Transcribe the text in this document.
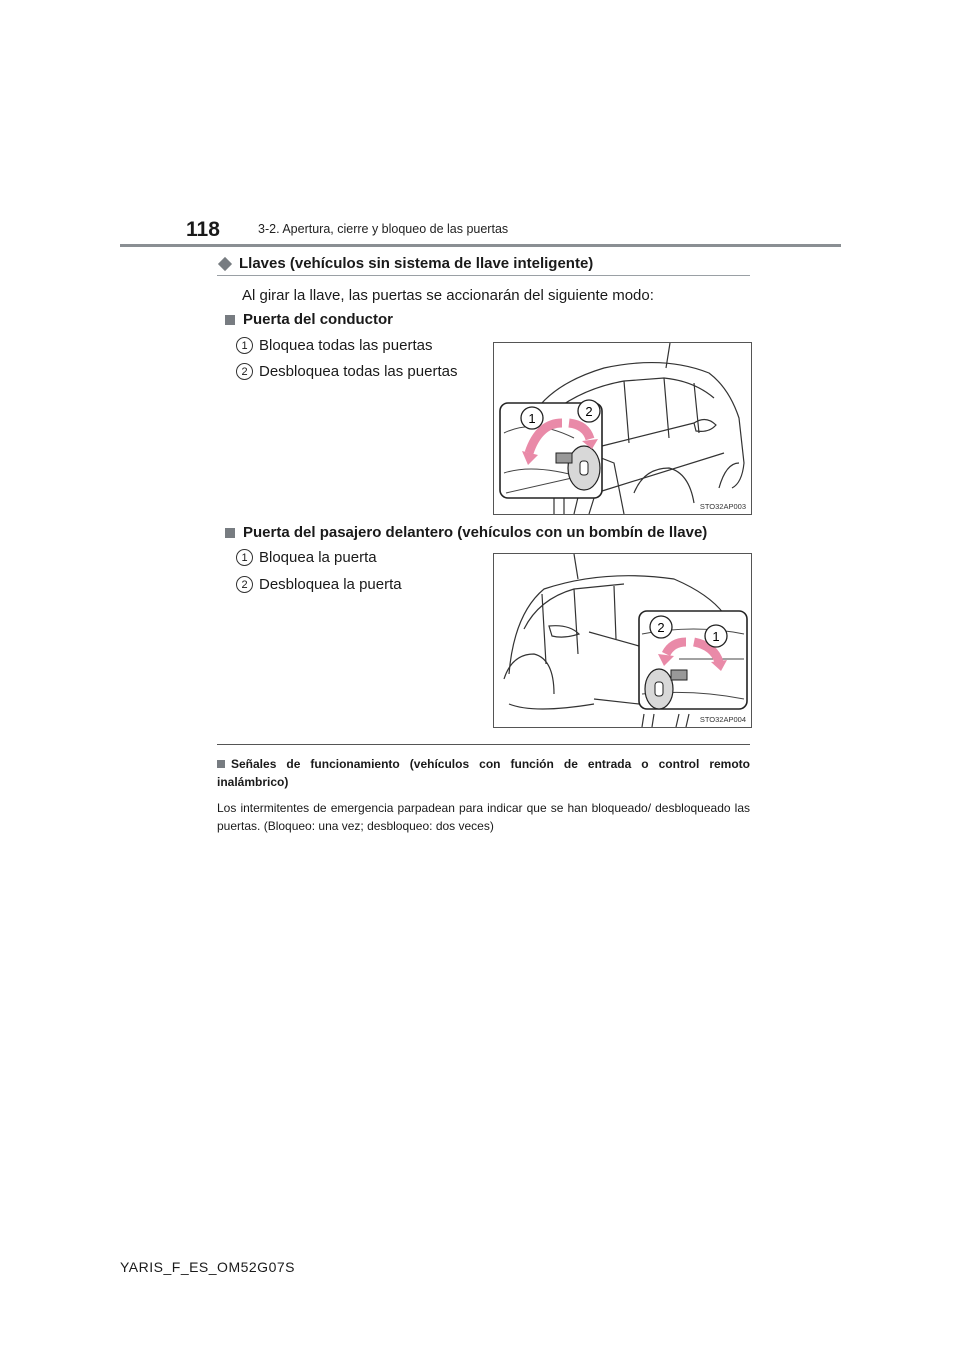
118	3-2. Apertura, cierre y bloqueo de las puertas
Llaves (vehículos sin sistema de llave inteligente)
Al girar la llave, las puertas se accionarán del siguiente modo:
Puerta del conductor
1 Bloquea todas las puertas
2 Desbloquea todas las puertas
1	2
STO32AP003
Puerta del pasajero delantero (vehículos con un bombín de llave)
1 Bloquea la puerta
2 Desbloquea la puerta
2
1
STO32AP004
Señales de funcionamiento (vehículos con función de entrada o control remoto inalámbrico)
Los intermitentes de emergencia parpadean para indicar que se han bloqueado/ desbloqueado las puertas. (Bloqueo: una vez; desbloqueo: dos veces)
YARIS_F_ES_OM52G07S
